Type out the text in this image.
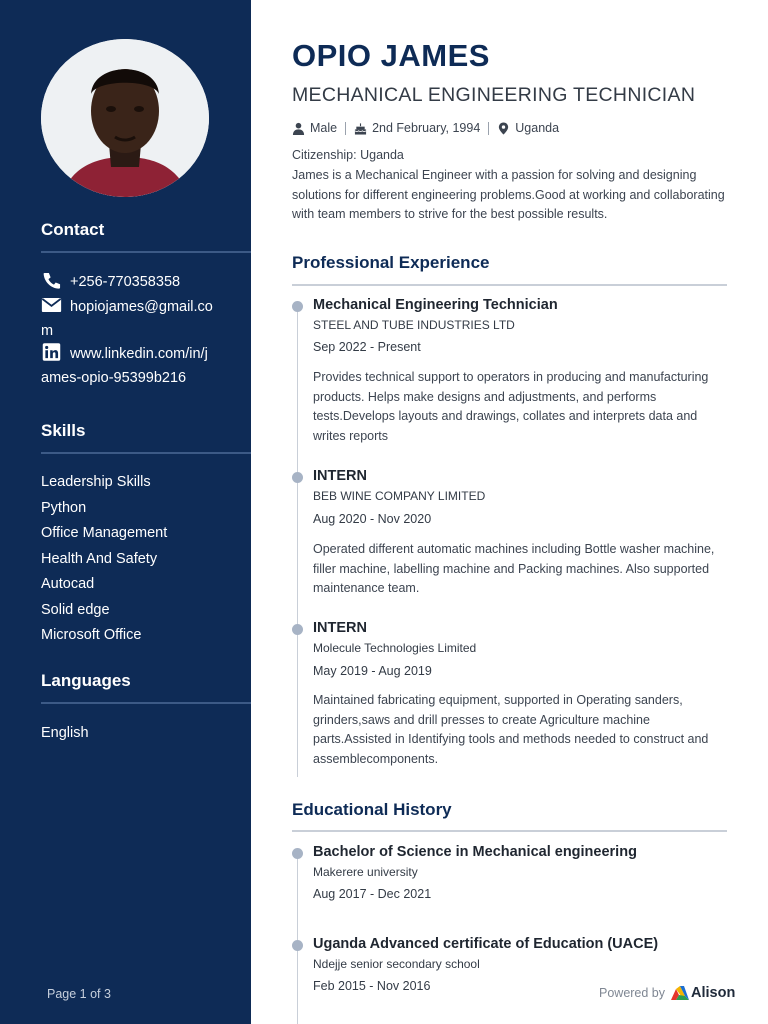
Contact
+256-770358358
hopiojames@gmail.co
m
www.linkedin.com/in/j
ames-opio-95399b216
Skills
Leadership Skills
Python
Office Management
Health And Safety
Autocad
Solid edge
Microsoft Office
Languages
English
Page 1 of 3
OPIO JAMES
MECHANICAL ENGINEERING TECHNICIAN
Male	2nd February, 1994	Uganda
Citizenship: Uganda
James is a Mechanical Engineer with a passion for solving and designing solutions for different engineering problems.Good at working and collaborating with team members to strive for the best possible results.
Professional Experience
Mechanical Engineering Technician
STEEL AND TUBE INDUSTRIES LTD
Sep 2022 - Present
Provides technical support to operators in producing and manufacturing products. Helps make designs and adjustments, and performs tests.Develops layouts and drawings, collates and interprets data and writes reports
INTERN
BEB WINE COMPANY LIMITED
Aug 2020 - Nov 2020
Operated different automatic machines including Bottle washer machine, filler machine, labelling machine and Packing machines. Also supported maintenance team.
INTERN
Molecule Technologies Limited
May 2019 - Aug 2019
Maintained fabricating equipment, supported in Operating sanders, grinders,saws and drill presses to create Agriculture machine parts.Assisted in Identifying tools and methods needed to construct and assemblecomponents.
Educational History
Bachelor of Science in Mechanical engineering
Makerere university
Aug 2017 - Dec 2021
Uganda Advanced certificate of Education (UACE)
Ndejje senior secondary school
Feb 2015 - Nov 2016	Powered by Alison
